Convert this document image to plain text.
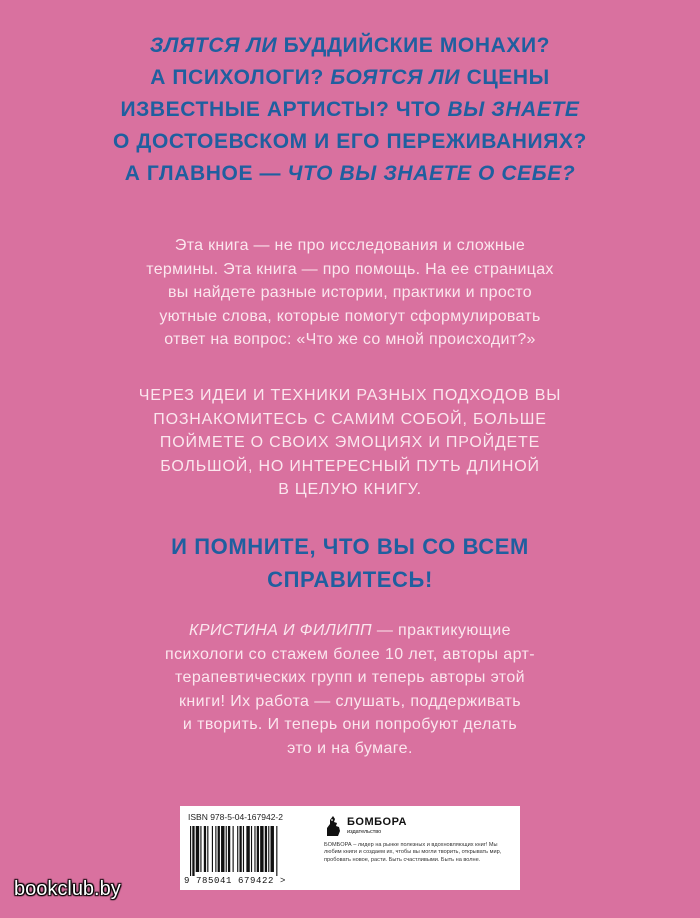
ЗЛЯТСЯ ЛИ БУДДИЙСКИЕ МОНАХИ?
А ПСИХОЛОГИ? БОЯТСЯ ЛИ СЦЕНЫ
ИЗВЕСТНЫЕ АРТИСТЫ? ЧТО ВЫ ЗНАЕТЕ
О ДОСТОЕВСКОМ И ЕГО ПЕРЕЖИВАНИЯХ?
А ГЛАВНОЕ — ЧТО ВЫ ЗНАЕТЕ О СЕБЕ?
Эта книга — не про исследования и сложные
термины. Эта книга — про помощь. На ее страницах
вы найдете разные истории, практики и просто
уютные слова, которые помогут сформулировать
ответ на вопрос: «Что же со мной происходит?»
ЧЕРЕЗ ИДЕИ И ТЕХНИКИ РАЗНЫХ ПОДХОДОВ ВЫ
ПОЗНАКОМИТЕСЬ С САМИМ СОБОЙ, БОЛЬШЕ
ПОЙМЕТЕ О СВОИХ ЭМОЦИЯХ И ПРОЙДЕТЕ
БОЛЬШОЙ, НО ИНТЕРЕСНЫЙ ПУТЬ ДЛИНОЙ
В ЦЕЛУЮ КНИГУ.
И ПОМНИТЕ, ЧТО ВЫ СО ВСЕМ
СПРАВИТЕСЬ!
КРИСТИНА И ФИЛИПП — практикующие
психологи со стажем более 10 лет, авторы арт-
терапевтических групп и теперь авторы этой
книги! Их работа — слушать, поддерживать
и творить. И теперь они попробуют делать
это и на бумаге.
ISBN 978-5-04-167942-2
9 785041 679422 >
БОМБОРА
издательство
БОМБОРА – лидер на рынке полезных и вдохновляющих книг! Мы любим книги и создаем их, чтобы вы могли творить, открывать мир, пробовать новое, расти. Быть счастливыми. Быть на волне.
bookclub.by
